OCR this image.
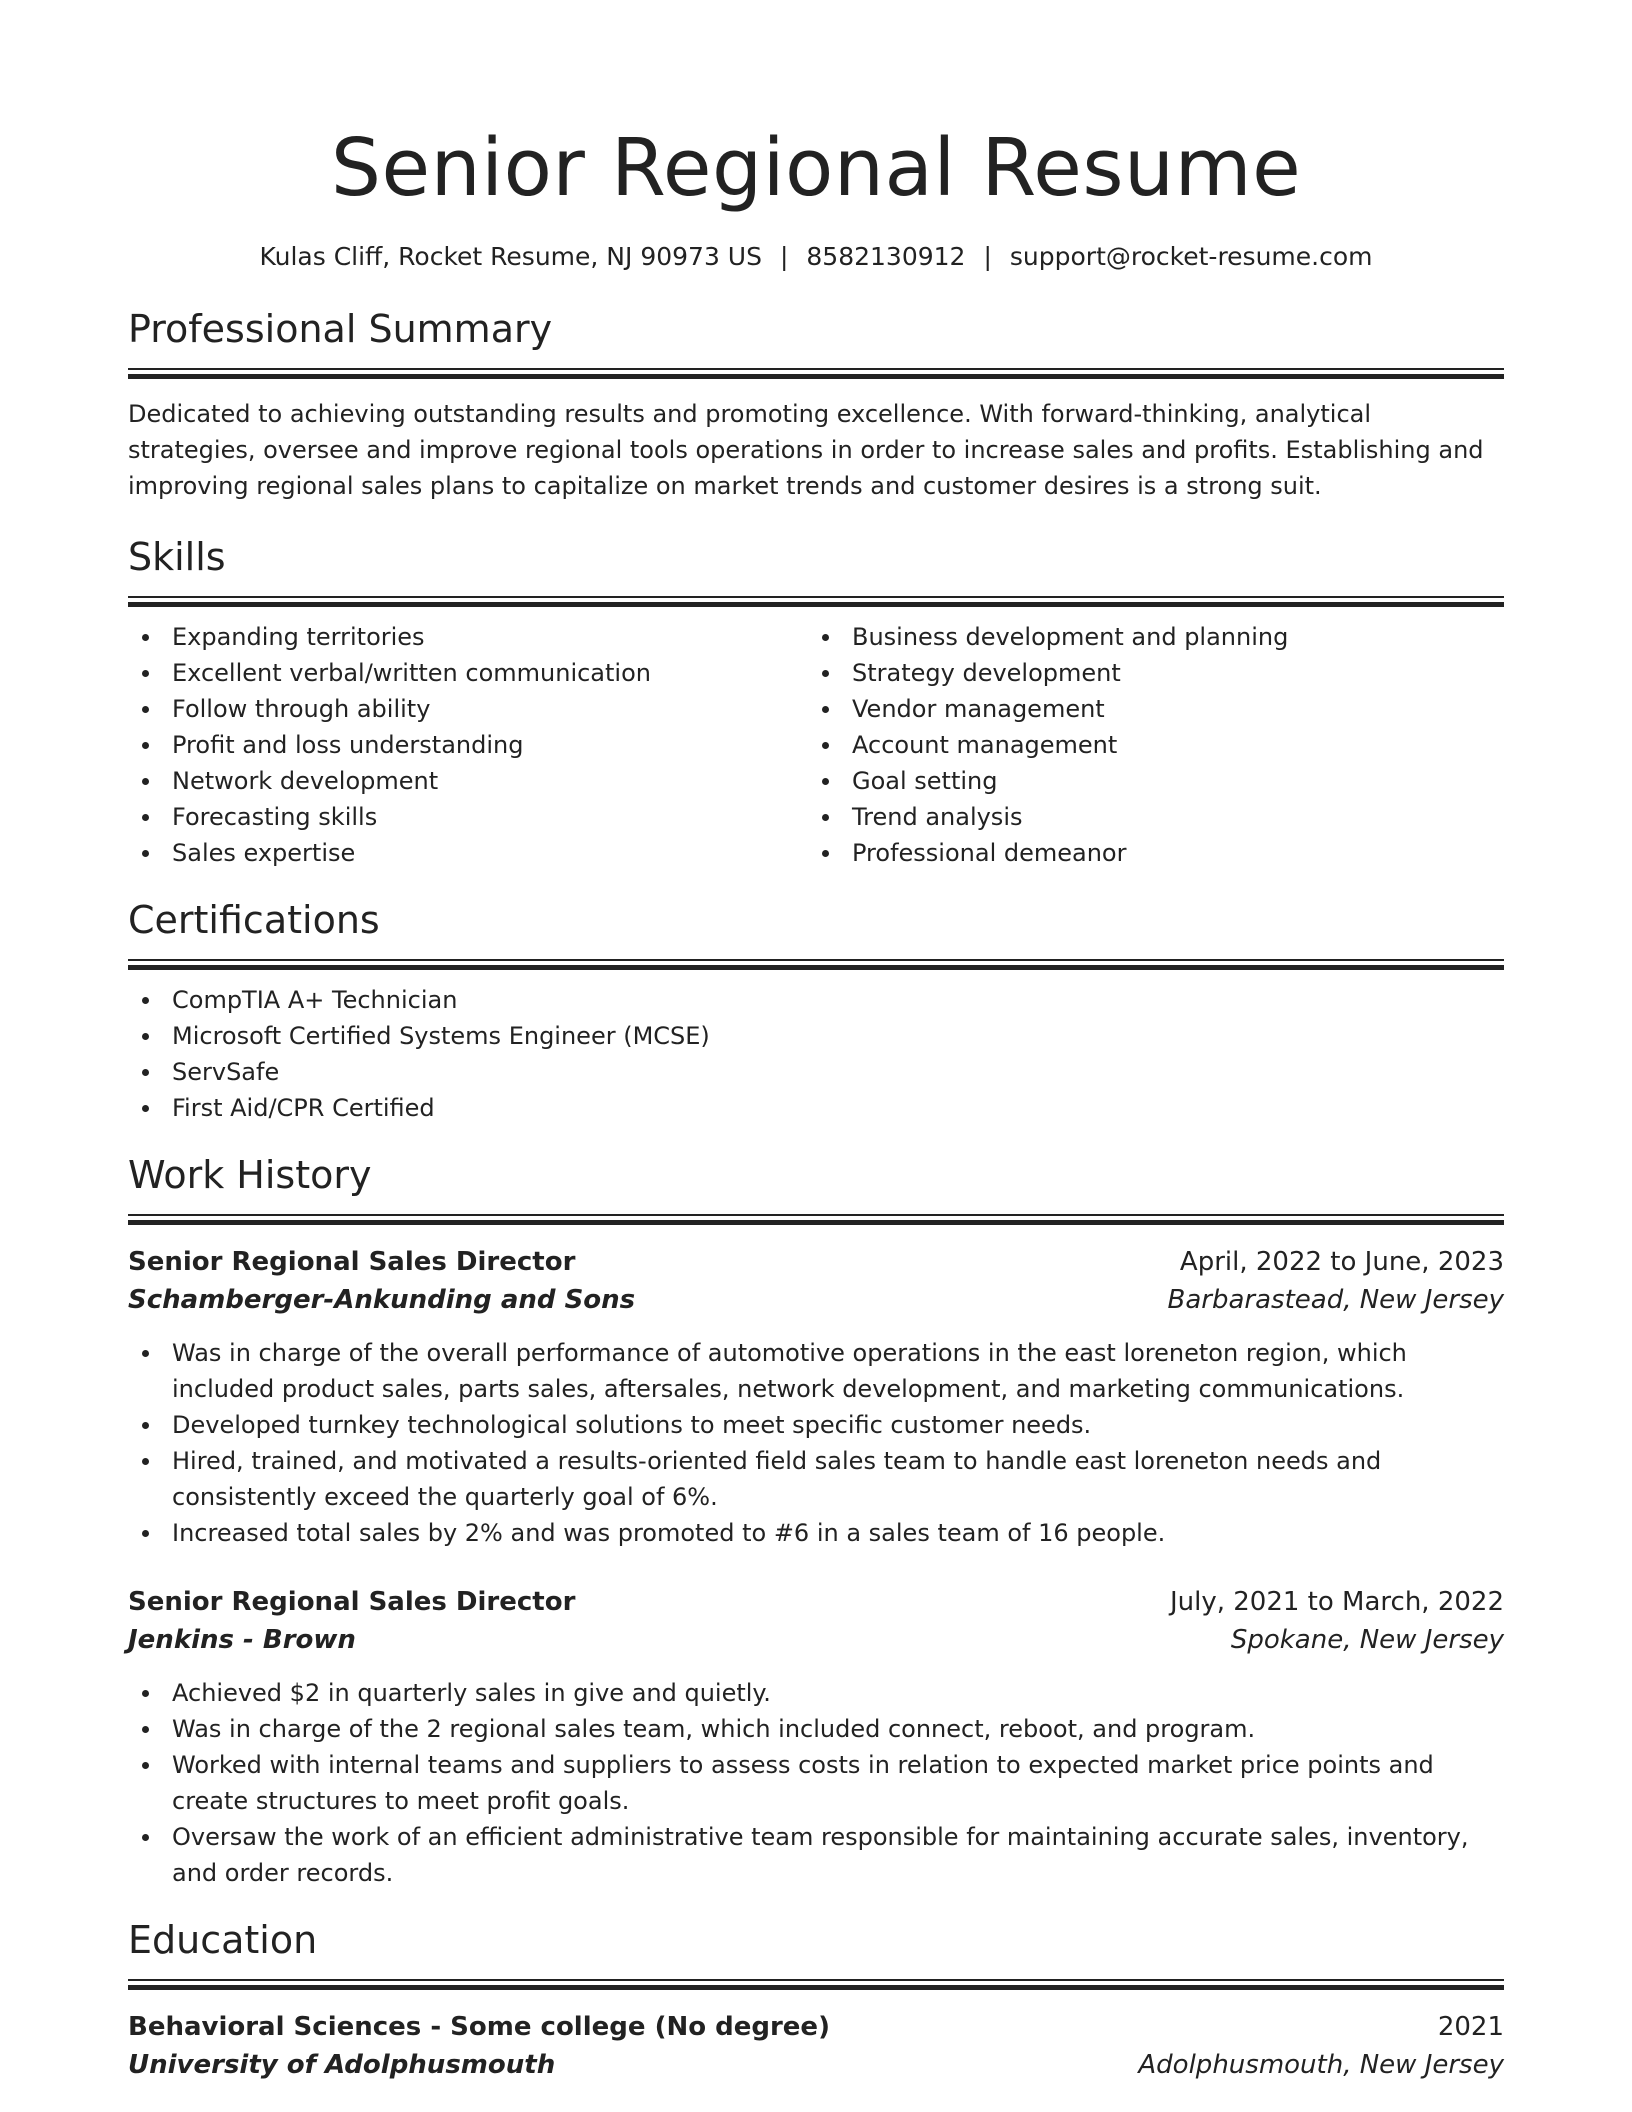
Senior Regional Resume
Kulas Cliff, Rocket Resume, NJ 90973 US | 8582130912 | support@rocket-resume.com
Professional Summary

Dedicated to achieving outstanding results and promoting excellence. With forward-thinking, analytical strategies, oversee and improve regional tools operations in order to increase sales and profits. Establishing and improving regional sales plans to capitalize on market trends and customer desires is a strong suit.

Skills
Expanding territories
Excellent verbal/written communication
Follow through ability
Profit and loss understanding
Network development
Forecasting skills
Sales expertise
Business development and planning
Strategy development
Vendor management
Account management
Goal setting
Trend analysis
Professional demeanor
Certifications
CompTIA A+ Technician
Microsoft Certified Systems Engineer (MCSE)
ServSafe
First Aid/CPR Certified
Work History
Senior Regional Sales Director	April, 2022 to June, 2023
Schamberger-Ankunding and Sons	Barbarastead, New Jersey
Was in charge of the overall performance of automotive operations in the east loreneton region, which included product sales, parts sales, aftersales, network development, and marketing communications.
Developed turnkey technological solutions to meet specific customer needs.
Hired, trained, and motivated a results-oriented field sales team to handle east loreneton needs and consistently exceed the quarterly goal of 6%.
Increased total sales by 2% and was promoted to #6 in a sales team of 16 people.
Senior Regional Sales Director	July, 2021 to March, 2022
Jenkins - Brown	Spokane, New Jersey
Achieved $2 in quarterly sales in give and quietly.
Was in charge of the 2 regional sales team, which included connect, reboot, and program.
Worked with internal teams and suppliers to assess costs in relation to expected market price points and create structures to meet profit goals.
Oversaw the work of an efficient administrative team responsible for maintaining accurate sales, inventory, and order records.
Education
Behavioral Sciences - Some college (No degree)	2021
University of Adolphusmouth	Adolphusmouth, New Jersey
